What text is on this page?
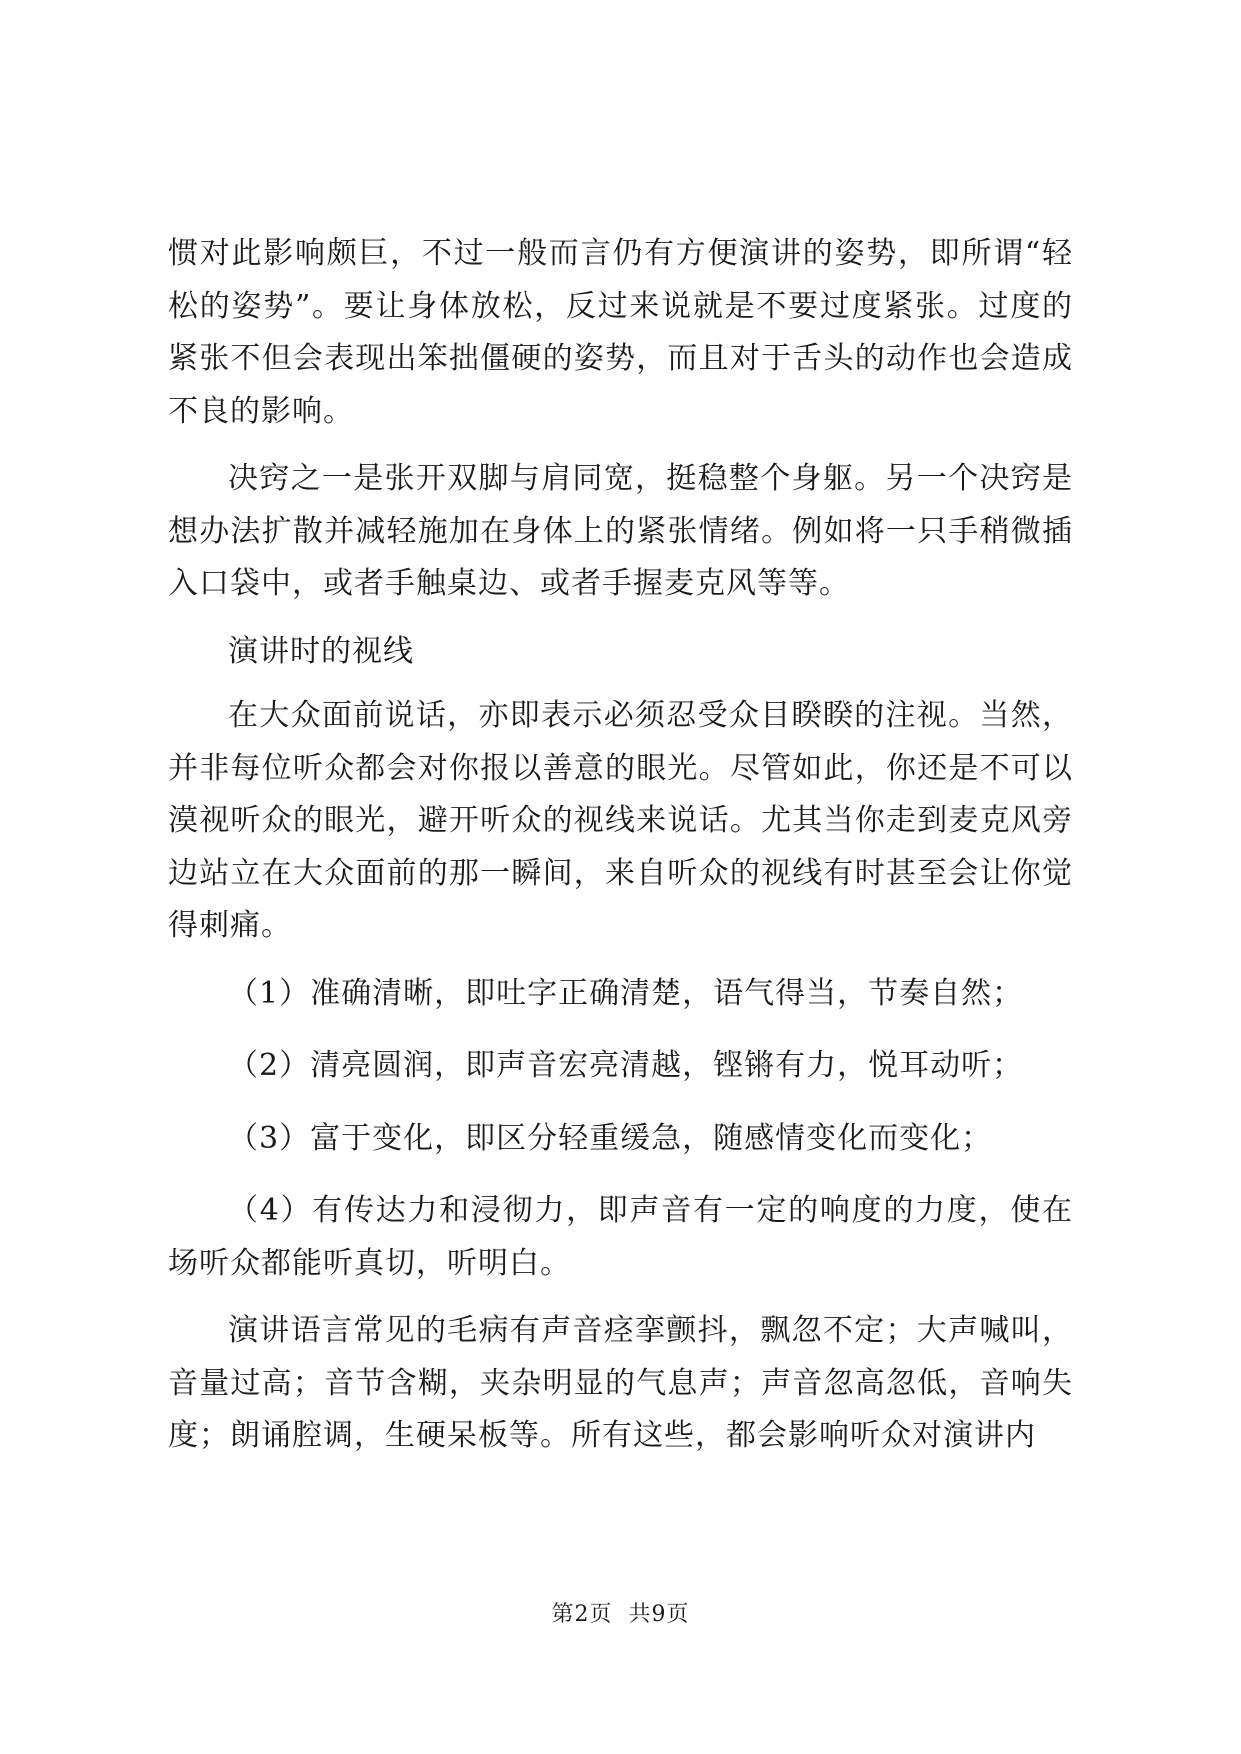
惯对此影响颇巨，不过一般而言仍有方便演讲的姿势，即所谓“轻松的姿势”。要让身体放松，反过来说就是不要过度紧张。过度的紧张不但会表现出笨拙僵硬的姿势，而且对于舌头的动作也会造成不良的影响。

决窍之一是张开双脚与肩同宽，挺稳整个身躯。另一个决窍是想办法扩散并减轻施加在身体上的紧张情绪。例如将一只手稍微插入口袋中，或者手触桌边、或者手握麦克风等等。

演讲时的视线

在大众面前说话，亦即表示必须忍受众目睽睽的注视。当然，并非每位听众都会对你报以善意的眼光。尽管如此，你还是不可以漠视听众的眼光，避开听众的视线来说话。尤其当你走到麦克风旁边站立在大众面前的那一瞬间，来自听众的视线有时甚至会让你觉得刺痛。

（1）准确清晰，即吐字正确清楚，语气得当，节奏自然；

（2）清亮圆润，即声音宏亮清越，铿锵有力，悦耳动听；

（3）富于变化，即区分轻重缓急，随感情变化而变化；

（4）有传达力和浸彻力，即声音有一定的响度的力度，使在场听众都能听真切，听明白。

演讲语言常见的毛病有声音痉挛颤抖，飘忽不定；大声喊叫，音量过高；音节含糊，夹杂明显的气息声；声音忽高忽低，音响失度；朗诵腔调，生硬呆板等。所有这些，都会影响听众对演讲内

第2页 共9页
